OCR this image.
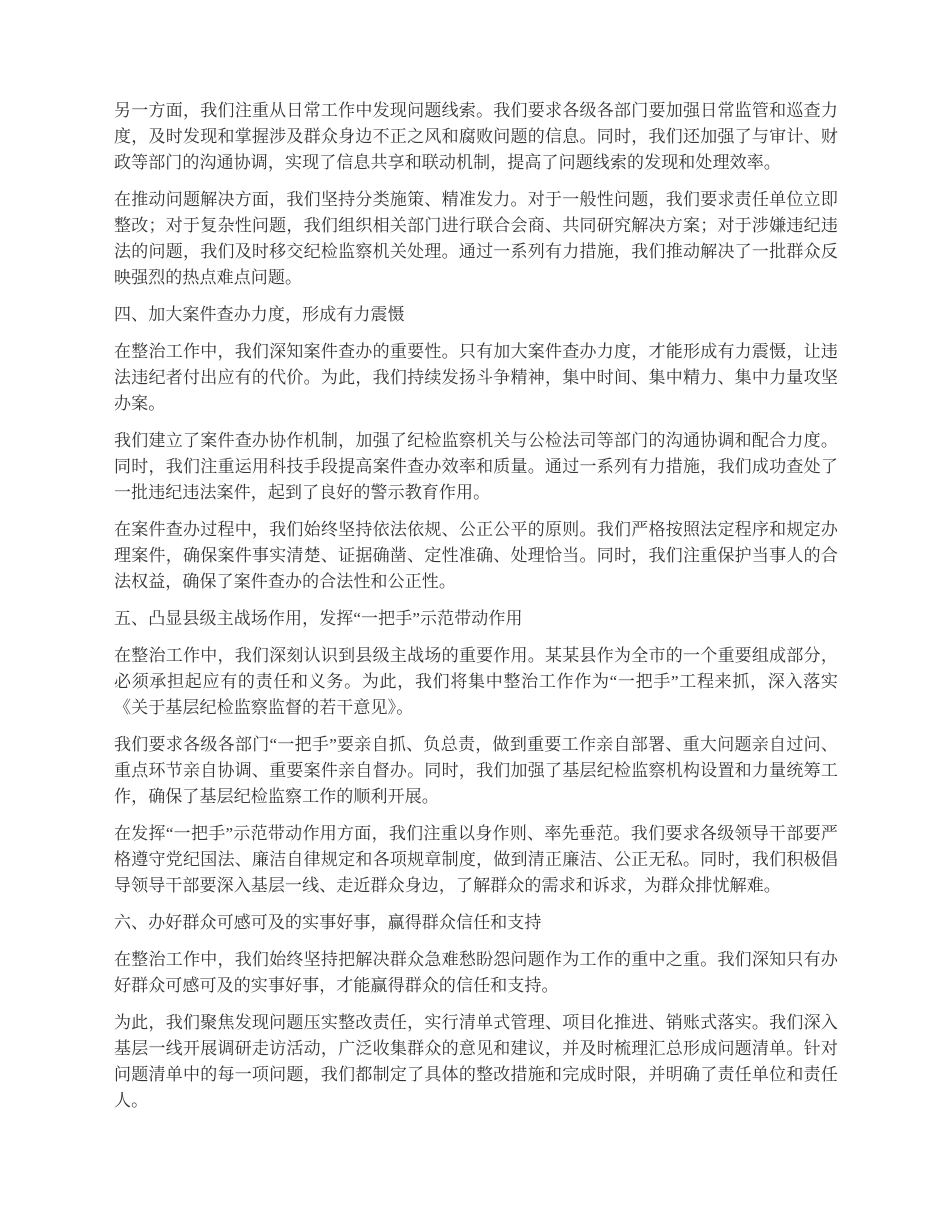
另一方面，我们注重从日常工作中发现问题线索。我们要求各级各部门要加强日常监管和巡查力度，及时发现和掌握涉及群众身边不正之风和腐败问题的信息。同时，我们还加强了与审计、财政等部门的沟通协调，实现了信息共享和联动机制，提高了问题线索的发现和处理效率。

在推动问题解决方面，我们坚持分类施策、精准发力。对于一般性问题，我们要求责任单位立即整改；对于复杂性问题，我们组织相关部门进行联合会商、共同研究解决方案；对于涉嫌违纪违法的问题，我们及时移交纪检监察机关处理。通过一系列有力措施，我们推动解决了一批群众反映强烈的热点难点问题。

四、加大案件查办力度，形成有力震慑

在整治工作中，我们深知案件查办的重要性。只有加大案件查办力度，才能形成有力震慑，让违法违纪者付出应有的代价。为此，我们持续发扬斗争精神，集中时间、集中精力、集中力量攻坚办案。

我们建立了案件查办协作机制，加强了纪检监察机关与公检法司等部门的沟通协调和配合力度。同时，我们注重运用科技手段提高案件查办效率和质量。通过一系列有力措施，我们成功查处了一批违纪违法案件，起到了良好的警示教育作用。

在案件查办过程中，我们始终坚持依法依规、公正公平的原则。我们严格按照法定程序和规定办理案件，确保案件事实清楚、证据确凿、定性准确、处理恰当。同时，我们注重保护当事人的合法权益，确保了案件查办的合法性和公正性。

五、凸显县级主战场作用，发挥“一把手”示范带动作用

在整治工作中，我们深刻认识到县级主战场的重要作用。某某县作为全市的一个重要组成部分，必须承担起应有的责任和义务。为此，我们将集中整治工作作为“一把手”工程来抓，深入落实《关于基层纪检监察监督的若干意见》。

我们要求各级各部门“一把手”要亲自抓、负总责，做到重要工作亲自部署、重大问题亲自过问、重点环节亲自协调、重要案件亲自督办。同时，我们加强了基层纪检监察机构设置和力量统筹工作，确保了基层纪检监察工作的顺利开展。

在发挥“一把手”示范带动作用方面，我们注重以身作则、率先垂范。我们要求各级领导干部要严格遵守党纪国法、廉洁自律规定和各项规章制度，做到清正廉洁、公正无私。同时，我们积极倡导领导干部要深入基层一线、走近群众身边，了解群众的需求和诉求，为群众排忧解难。

六、办好群众可感可及的实事好事，赢得群众信任和支持

在整治工作中，我们始终坚持把解决群众急难愁盼怨问题作为工作的重中之重。我们深知只有办好群众可感可及的实事好事，才能赢得群众的信任和支持。

为此，我们聚焦发现问题压实整改责任，实行清单式管理、项目化推进、销账式落实。我们深入基层一线开展调研走访活动，广泛收集群众的意见和建议，并及时梳理汇总形成问题清单。针对问题清单中的每一项问题，我们都制定了具体的整改措施和完成时限，并明确了责任单位和责任人。
